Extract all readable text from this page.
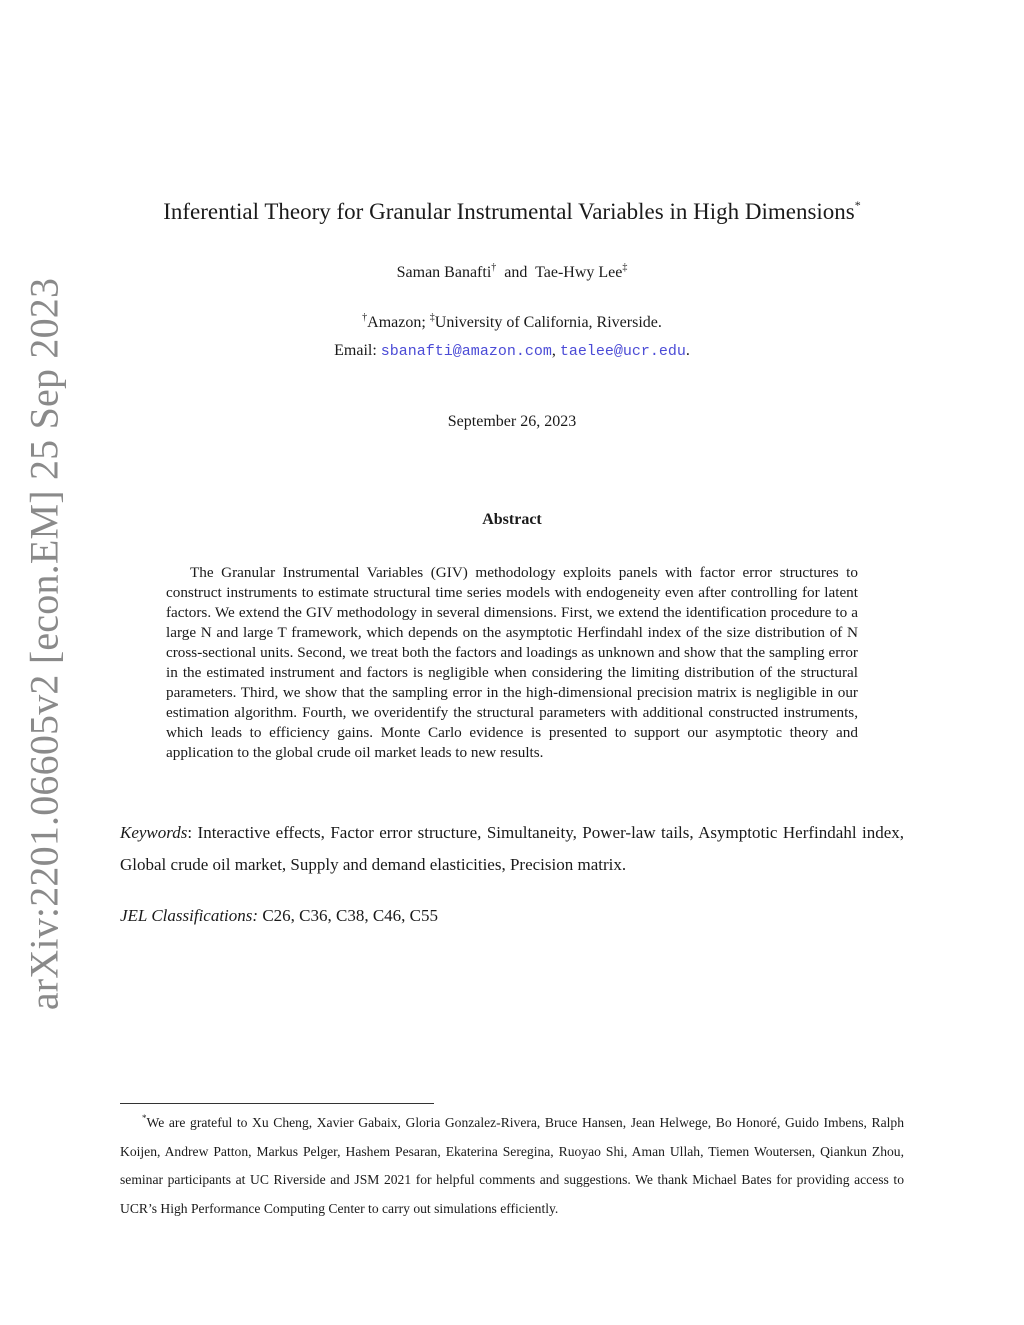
arXiv:2201.06605v2 [econ.EM] 25 Sep 2023
Inferential Theory for Granular Instrumental Variables in High Dimensions*
Saman Banafti† and Tae-Hwy Lee‡
†Amazon; ‡University of California, Riverside.
Email: sbanafti@amazon.com, taelee@ucr.edu.
September 26, 2023
Abstract
The Granular Instrumental Variables (GIV) methodology exploits panels with factor error structures to construct instruments to estimate structural time series models with endogeneity even after controlling for latent factors. We extend the GIV methodology in several dimensions. First, we extend the identification procedure to a large N and large T framework, which depends on the asymptotic Herfindahl index of the size distribution of N cross-sectional units. Second, we treat both the factors and loadings as unknown and show that the sampling error in the estimated instrument and factors is negligible when considering the limiting distribution of the structural parameters. Third, we show that the sampling error in the high-dimensional precision matrix is negligible in our estimation algorithm. Fourth, we overidentify the structural parameters with additional constructed instruments, which leads to efficiency gains. Monte Carlo evidence is presented to support our asymptotic theory and application to the global crude oil market leads to new results.
Keywords: Interactive effects, Factor error structure, Simultaneity, Power-law tails, Asymptotic Herfindahl index, Global crude oil market, Supply and demand elasticities, Precision matrix.
JEL Classifications: C26, C36, C38, C46, C55
*We are grateful to Xu Cheng, Xavier Gabaix, Gloria Gonzalez-Rivera, Bruce Hansen, Jean Helwege, Bo Honoré, Guido Imbens, Ralph Koijen, Andrew Patton, Markus Pelger, Hashem Pesaran, Ekaterina Seregina, Ruoyao Shi, Aman Ullah, Tiemen Woutersen, Qiankun Zhou, seminar participants at UC Riverside and JSM 2021 for helpful comments and suggestions. We thank Michael Bates for providing access to UCR’s High Performance Computing Center to carry out simulations efficiently.
